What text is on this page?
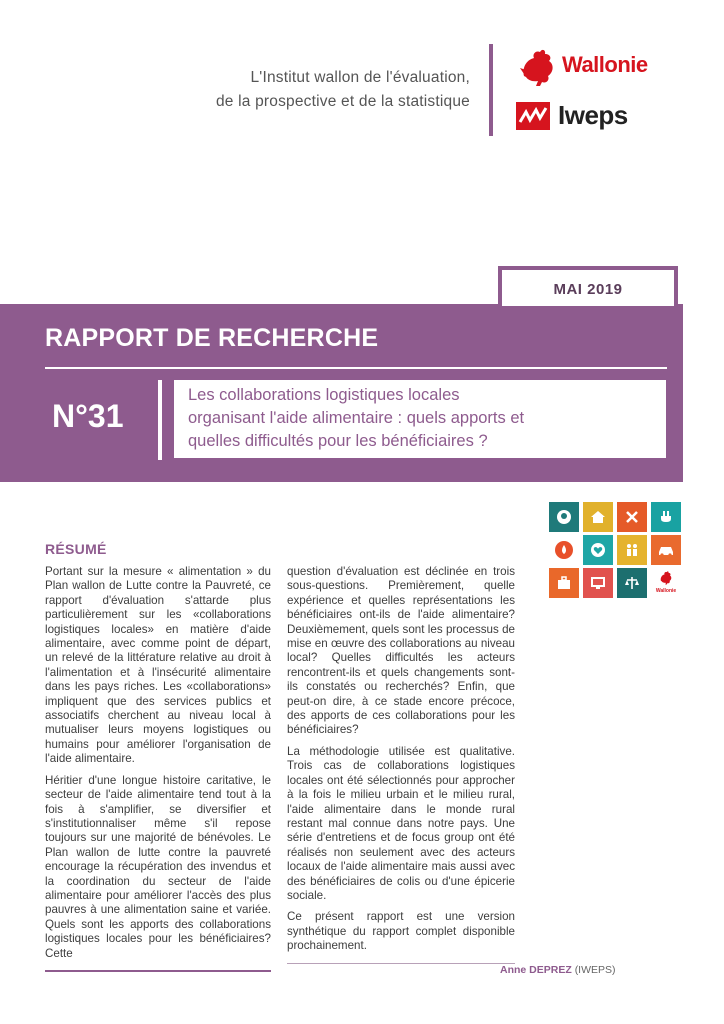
L'Institut wallon de l'évaluation,
de la prospective et de la statistique
Wallonie
Iweps
MAI 2019
RAPPORT DE RECHERCHE
N°31
Les collaborations logistiques locales
organisant l'aide alimentaire : quels apports et
quelles difficultés pour les bénéficiaires ?
Wallonie
RÉSUMÉ

Portant sur la mesure « alimentation » du Plan wallon de Lutte contre la Pauvreté, ce rapport d'évaluation s'attarde plus particulièrement sur les «collaborations logistiques locales» en matière d'aide alimentaire, avec comme point de départ, un relevé de la littérature relative au droit à l'alimentation et à l'insécurité alimentaire dans les pays riches. Les «collaborations» impliquent que des services publics et associatifs cherchent au niveau local à mutualiser leurs moyens logistiques ou humains pour améliorer l'organisation de l'aide alimentaire.

Héritier d'une longue histoire caritative, le secteur de l'aide alimentaire tend tout à la fois à s'amplifier, se diversifier et s'institutionnaliser même s'il repose toujours sur une majorité de bénévoles. Le Plan wallon de lutte contre la pauvreté encourage la récupération des invendus et la coordination du secteur de l'aide alimentaire pour améliorer l'accès des plus pauvres à une alimentation saine et variée. Quels sont les apports des collaborations logistiques locales pour les bénéficiaires? Cette

question d'évaluation est déclinée en trois sous-questions. Premièrement, quelle expérience et quelles représentations les bénéficiaires ont-ils de l'aide alimentaire? Deuxièmement, quels sont les processus de mise en œuvre des collaborations au niveau local? Quelles difficultés les acteurs rencontrent-ils et quels changements sont-ils constatés ou recherchés? Enfin, que peut-on dire, à ce stade encore précoce, des apports de ces collaborations pour les bénéficiaires?

La méthodologie utilisée est qualitative. Trois cas de collaborations logistiques locales ont été sélectionnés pour approcher à la fois le milieu urbain et le milieu rural, l'aide alimentaire dans le monde rural restant mal connue dans notre pays. Une série d'entretiens et de focus group ont été réalisés non seulement avec des acteurs locaux de l'aide alimentaire mais aussi avec des bénéficiaires de colis ou d'une épicerie sociale.

Ce présent rapport est une version synthétique du rapport complet disponible prochainement.

Anne DEPREZ (IWEPS)
